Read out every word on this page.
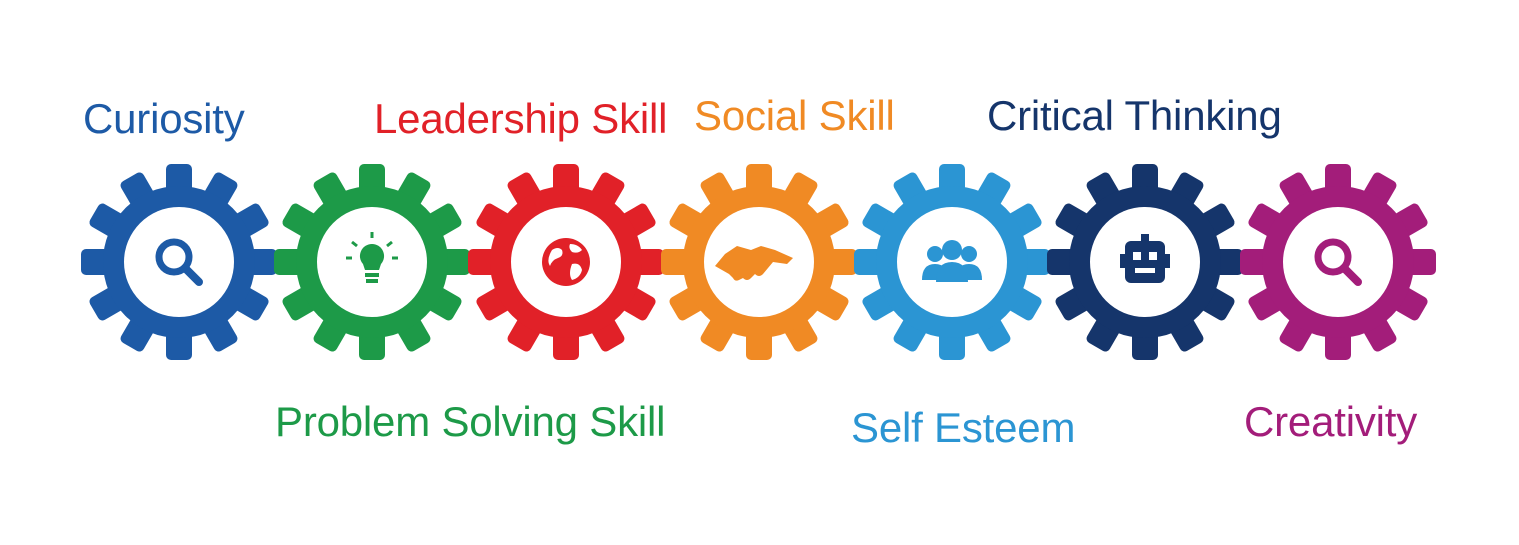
Curiosity
Problem Solving Skill
Leadership Skill Social Skill
Self Esteem
Critical Thinking
Creativity
